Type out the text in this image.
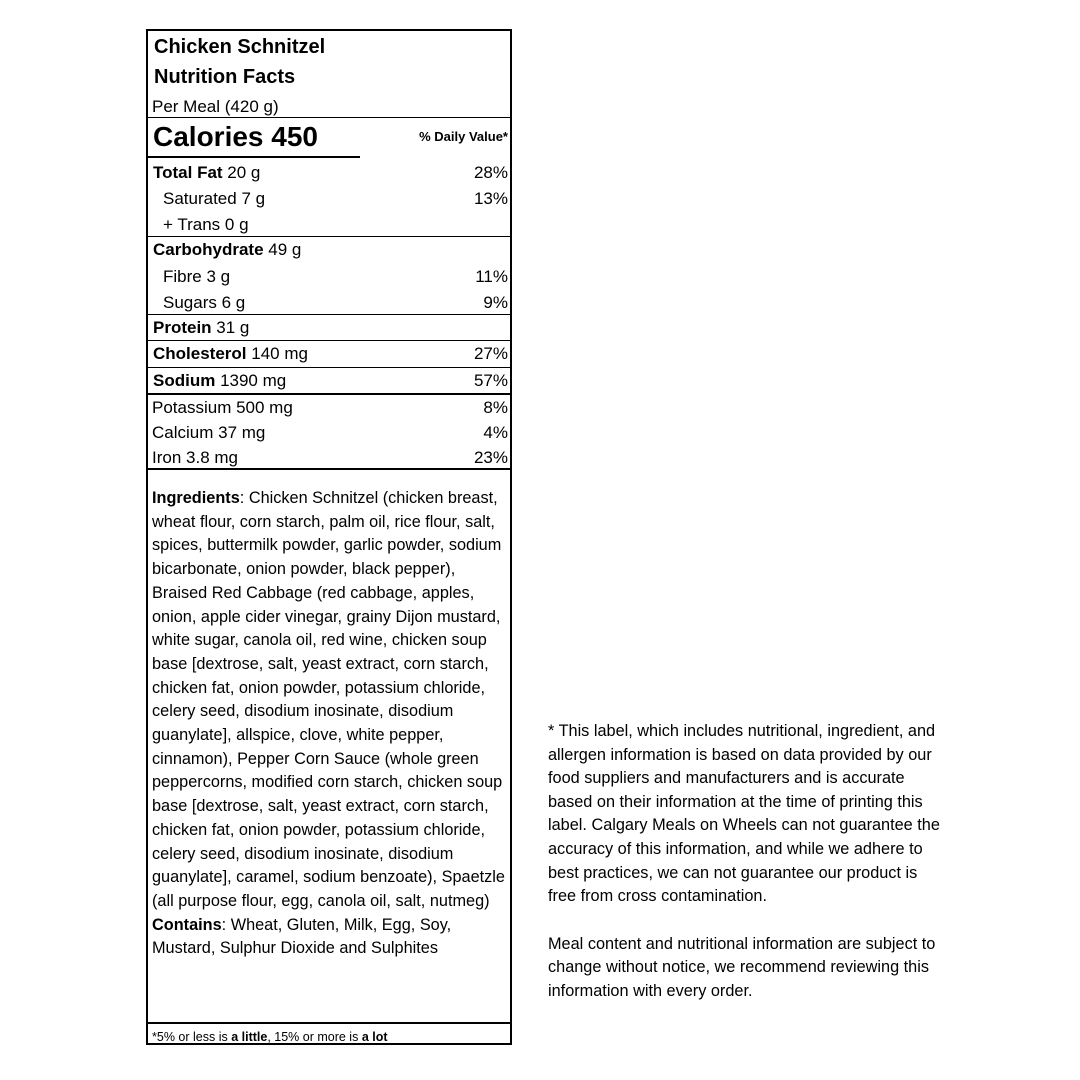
Chicken Schnitzel
Nutrition Facts
Per Meal (420 g)
Calories 450	% Daily Value*
Total Fat 20 g	28%
Saturated 7 g	13%
+ Trans 0 g
Carbohydrate 49 g
Fibre 3 g	11%
Sugars 6 g	9%
Protein 31 g
Cholesterol 140 mg	27%
Sodium 1390 mg	57%
Potassium 500 mg	8%
Calcium 37 mg	4%
Iron 3.8 mg	23%
Ingredients: Chicken Schnitzel (chicken breast, wheat flour, corn starch, palm oil, rice flour, salt, spices, buttermilk powder, garlic powder, sodium bicarbonate, onion powder, black pepper), Braised Red Cabbage (red cabbage, apples, onion, apple cider vinegar, grainy Dijon mustard, white sugar, canola oil, red wine, chicken soup base [dextrose, salt, yeast extract, corn starch, chicken fat, onion powder, potassium chloride, celery seed, disodium inosinate, disodium guanylate], allspice, clove, white pepper, cinnamon), Pepper Corn Sauce (whole green peppercorns, modified corn starch, chicken soup base [dextrose, salt, yeast extract, corn starch, chicken fat, onion powder, potassium chloride, celery seed, disodium inosinate, disodium guanylate], caramel, sodium benzoate), Spaetzle (all purpose flour, egg, canola oil, salt, nutmeg)
Contains: Wheat, Gluten, Milk, Egg, Soy, Mustard, Sulphur Dioxide and Sulphites
*5% or less is a little, 15% or more is a lot

* This label, which includes nutritional, ingredient, and allergen information is based on data provided by our food suppliers and manufacturers and is accurate based on their information at the time of printing this label. Calgary Meals on Wheels can not guarantee the accuracy of this information, and while we adhere to best practices, we can not guarantee our product is free from cross contamination.

Meal content and nutritional information are subject to change without notice, we recommend reviewing this information with every order.
